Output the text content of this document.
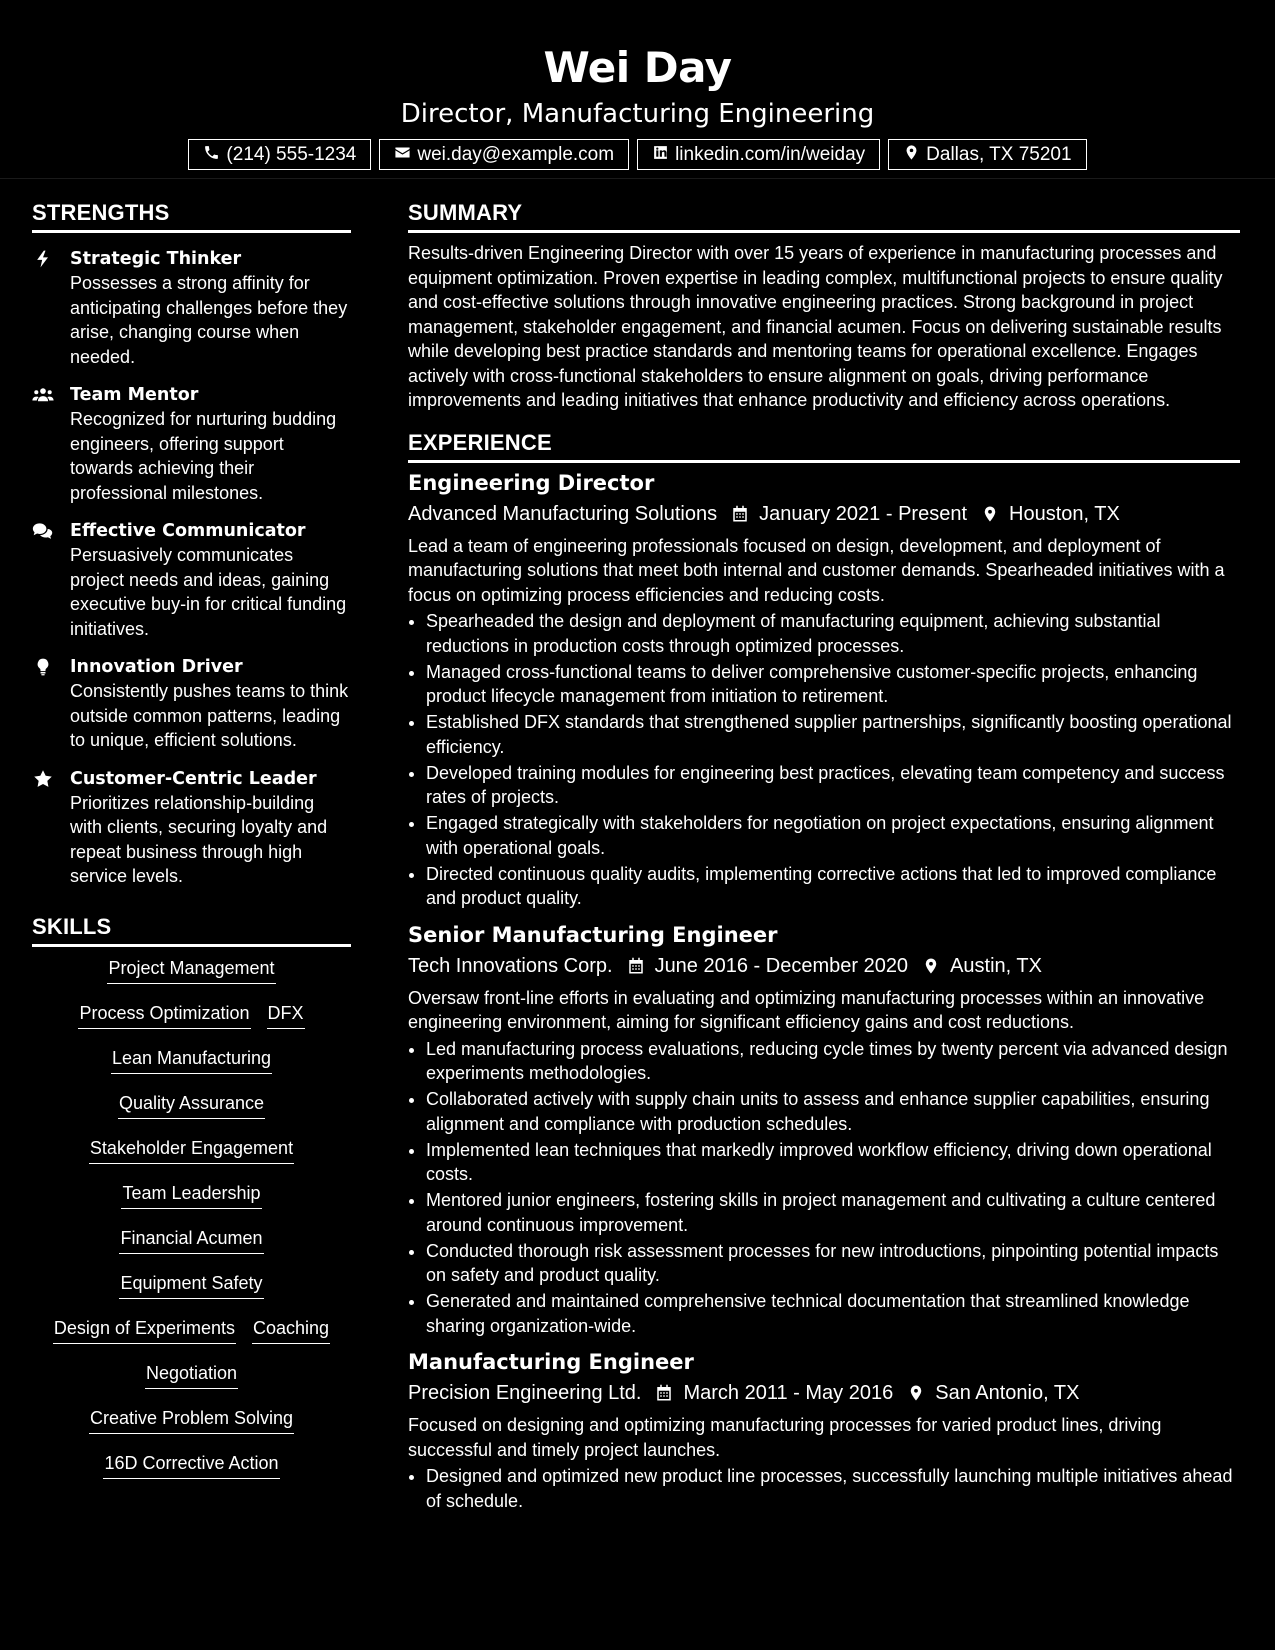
Wei Day
Director, Manufacturing Engineering
(214) 555-1234	wei.day@example.com	linkedin.com/in/weiday	Dallas, TX 75201
STRENGTHS
Strategic Thinker
Possesses a strong affinity for anticipating challenges before they arise, changing course when needed.
Team Mentor
Recognized for nurturing budding engineers, offering support towards achieving their professional milestones.
Effective Communicator
Persuasively communicates project needs and ideas, gaining executive buy-in for critical funding initiatives.
Innovation Driver
Consistently pushes teams to think outside common patterns, leading to unique, efficient solutions.
Customer-Centric Leader
Prioritizes relationship-building with clients, securing loyalty and repeat business through high service levels.
SKILLS
Project Management
Process Optimization DFX
Lean Manufacturing
Quality Assurance
Stakeholder Engagement
Team Leadership
Financial Acumen
Equipment Safety
Design of Experiments Coaching
Negotiation
Creative Problem Solving
16D Corrective Action
SUMMARY
Results-driven Engineering Director with over 15 years of experience in manufacturing processes and equipment optimization. Proven expertise in leading complex, multifunctional projects to ensure quality and cost-effective solutions through innovative engineering practices. Strong background in project management, stakeholder engagement, and financial acumen. Focus on delivering sustainable results while developing best practice standards and mentoring teams for operational excellence. Engages actively with cross-functional stakeholders to ensure alignment on goals, driving performance improvements and leading initiatives that enhance productivity and efficiency across operations.
EXPERIENCE
Engineering Director
Advanced Manufacturing Solutions January 2021 - Present Houston, TX
Lead a team of engineering professionals focused on design, development, and deployment of manufacturing solutions that meet both internal and customer demands. Spearheaded initiatives with a focus on optimizing process efficiencies and reducing costs.
• Spearheaded the design and deployment of manufacturing equipment, achieving substantial reductions in production costs through optimized processes.
• Managed cross-functional teams to deliver comprehensive customer-specific projects, enhancing product lifecycle management from initiation to retirement.
• Established DFX standards that strengthened supplier partnerships, significantly boosting operational efficiency.
• Developed training modules for engineering best practices, elevating team competency and success rates of projects.
• Engaged strategically with stakeholders for negotiation on project expectations, ensuring alignment with operational goals.
• Directed continuous quality audits, implementing corrective actions that led to improved compliance and product quality.
Senior Manufacturing Engineer
Tech Innovations Corp. June 2016 - December 2020 Austin, TX
Oversaw front-line efforts in evaluating and optimizing manufacturing processes within an innovative engineering environment, aiming for significant efficiency gains and cost reductions.
• Led manufacturing process evaluations, reducing cycle times by twenty percent via advanced design experiments methodologies.
• Collaborated actively with supply chain units to assess and enhance supplier capabilities, ensuring alignment and compliance with production schedules.
• Implemented lean techniques that markedly improved workflow efficiency, driving down operational costs.
• Mentored junior engineers, fostering skills in project management and cultivating a culture centered around continuous improvement.
• Conducted thorough risk assessment processes for new introductions, pinpointing potential impacts on safety and product quality.
• Generated and maintained comprehensive technical documentation that streamlined knowledge sharing organization-wide.
Manufacturing Engineer
Precision Engineering Ltd. March 2011 - May 2016 San Antonio, TX
Focused on designing and optimizing manufacturing processes for varied product lines, driving successful and timely project launches.
• Designed and optimized new product line processes, successfully launching multiple initiatives ahead of schedule.
